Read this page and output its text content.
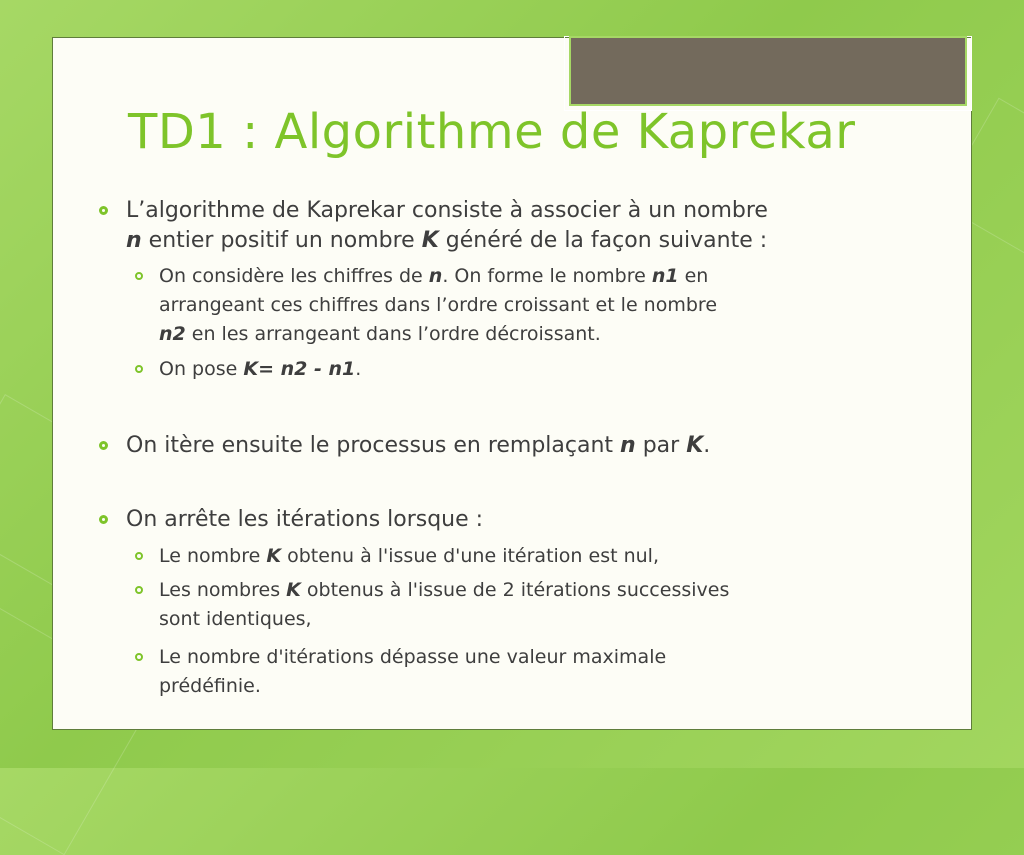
TD1 : Algorithme de Kaprekar
L’algorithme de Kaprekar consiste à associer à un nombre
n entier positif un nombre K généré de la façon suivante :
On considère les chiffres de n. On forme le nombre n1 en
arrangeant ces chiffres dans l’ordre croissant et le nombre
n2 en les arrangeant dans l’ordre décroissant.
On pose K= n2 - n1.
On itère ensuite le processus en remplaçant n par K.
On arrête les itérations lorsque :
Le nombre K obtenu à l'issue d'une itération est nul,
Les nombres K obtenus à l'issue de 2 itérations successives
sont identiques,
Le nombre d'itérations dépasse une valeur maximale
prédéfinie.
